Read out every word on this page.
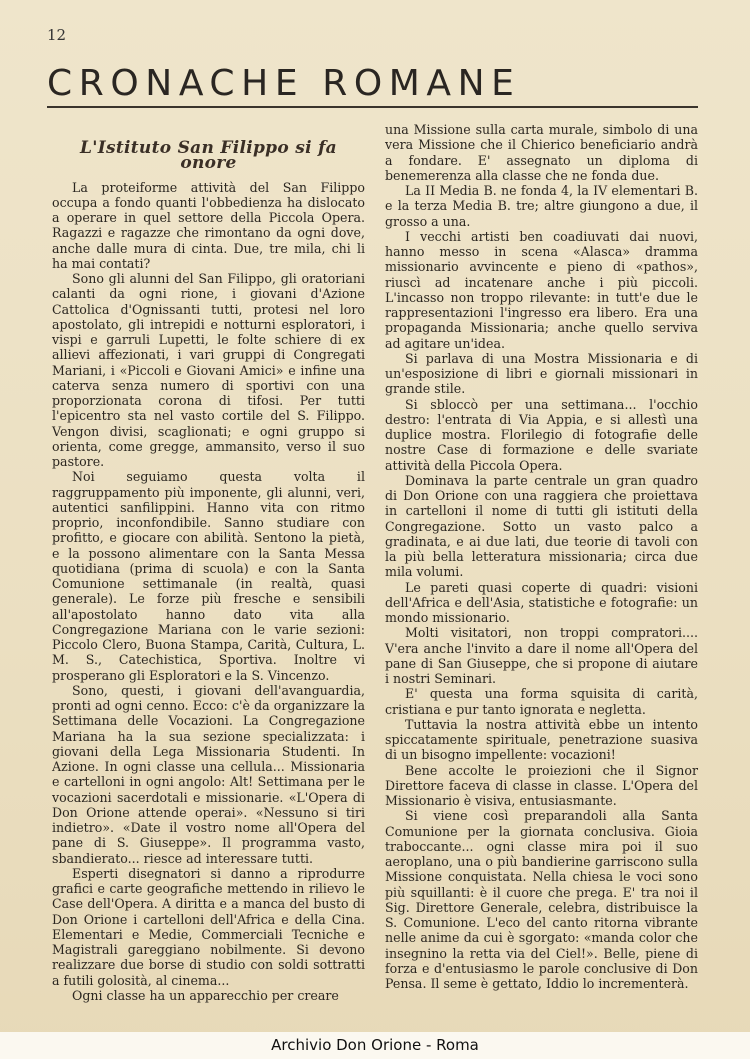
12
CRONACHE ROMANE
L'Istituto San Filippo si fa onore

La proteiforme attività del San Filippo occupa a fondo quanti l'obbedienza ha dislocato a operare in quel settore della Piccola Opera. Ragazzi e ragazze che rimontano da ogni dove, anche dalle mura di cinta. Due, tre mila, chi li ha mai contati?

Sono gli alunni del San Filippo, gli oratoriani calanti da ogni rione, i giovani d'Azione Cattolica d'Ognissanti tutti, protesi nel loro apostolato, gli intrepidi e notturni esploratori, i vispi e garruli Lupetti, le folte schiere di ex allievi affezionati, i vari gruppi di Congregati Mariani, i «Piccoli e Giovani Amici» e infine una caterva senza numero di sportivi con una proporzionata corona di tifosi. Per tutti l'epicentro sta nel vasto cortile del S. Filippo. Vengon divisi, scaglionati; e ogni gruppo si orienta, come gregge, ammansito, verso il suo pastore.

Noi seguiamo questa volta il raggruppamento più imponente, gli alunni, veri, autentici sanfilippini. Hanno vita con ritmo proprio, inconfondibile. Sanno studiare con profitto, e giocare con abilità. Sentono la pietà, e la possono alimentare con la Santa Messa quotidiana (prima di scuola) e con la Santa Comunione settimanale (in realtà, quasi generale). Le forze più fresche e sensibili all'apostolato hanno dato vita alla Congregazione Mariana con le varie sezioni: Piccolo Clero, Buona Stampa, Carità, Cultura, L. M. S., Catechistica, Sportiva. Inoltre vi prosperano gli Esploratori e la S. Vincenzo.

Sono, questi, i giovani dell'avanguardia, pronti ad ogni cenno. Ecco: c'è da organizzare la Settimana delle Vocazioni. La Congregazione Mariana ha la sua sezione specializzata: i giovani della Lega Missionaria Studenti. In Azione. In ogni classe una cellula... Missionaria e cartelloni in ogni angolo: Alt! Settimana per le vocazioni sacerdotali e missionarie. «L'Opera di Don Orione attende operai». «Nessuno si tiri indietro». «Date il vostro nome all'Opera del pane di S. Giuseppe». Il programma vasto, sbandierato... riesce ad interessare tutti.

Esperti disegnatori si danno a riprodurre grafici e carte geografiche mettendo in rilievo le Case dell'Opera. A diritta e a manca del busto di Don Orione i cartelloni dell'Africa e della Cina. Elementari e Medie, Commerciali Tecniche e Magistrali gareggiano nobilmente. Si devono realizzare due borse di studio con soldi sottratti a futili golosità, al cinema...

Ogni classe ha un apparecchio per creare

una Missione sulla carta murale, simbolo di una vera Missione che il Chierico beneficiario andrà a fondare. E' assegnato un diploma di benemerenza alla classe che ne fonda due.

La II Media B. ne fonda 4, la IV elementari B. e la terza Media B. tre; altre giungono a due, il grosso a una.

I vecchi artisti ben coadiuvati dai nuovi, hanno messo in scena «Alasca» dramma missionario avvincente e pieno di «pathos», riuscì ad incatenare anche i più piccoli. L'incasso non troppo rilevante: in tutt'e due le rappresentazioni l'ingresso era libero. Era una propaganda Missionaria; anche quello serviva ad agitare un'idea.

Si parlava di una Mostra Missionaria e di un'esposizione di libri e giornali missionari in grande stile.

Si sbloccò per una settimana... l'occhio destro: l'entrata di Via Appia, e si allestì una duplice mostra. Florilegio di fotografie delle nostre Case di formazione e delle svariate attività della Piccola Opera.

Dominava la parte centrale un gran quadro di Don Orione con una raggiera che proiettava in cartelloni il nome di tutti gli istituti della Congregazione. Sotto un vasto palco a gradinata, e ai due lati, due teorie di tavoli con la più bella letteratura missionaria; circa due mila volumi.

Le pareti quasi coperte di quadri: visioni dell'Africa e dell'Asia, statistiche e fotografie: un mondo missionario.

Molti visitatori, non troppi compratori.... V'era anche l'invito a dare il nome all'Opera del pane di San Giuseppe, che si propone di aiutare i nostri Seminari.

E' questa una forma squisita di carità, cristiana e pur tanto ignorata e negletta.

Tuttavia la nostra attività ebbe un intento spiccatamente spirituale, penetrazione suasiva di un bisogno impellente: vocazioni!

Bene accolte le proiezioni che il Signor Direttore faceva di classe in classe. L'Opera del Missionario è visiva, entusiasmante.

Si viene così preparandoli alla Santa Comunione per la giornata conclusiva. Gioia traboccante... ogni classe mira poi il suo aeroplano, una o più bandierine garriscono sulla Missione conquistata. Nella chiesa le voci sono più squillanti: è il cuore che prega. E' tra noi il Sig. Direttore Generale, celebra, distribuisce la S. Comunione. L'eco del canto ritorna vibrante nelle anime da cui è sgorgato: «manda color che insegnino la retta via del Ciel!». Belle, piene di forza e d'entusiasmo le parole conclusive di Don Pensa. Il seme è gettato, Iddio lo incrementerà.

Archivio Don Orione - Roma
